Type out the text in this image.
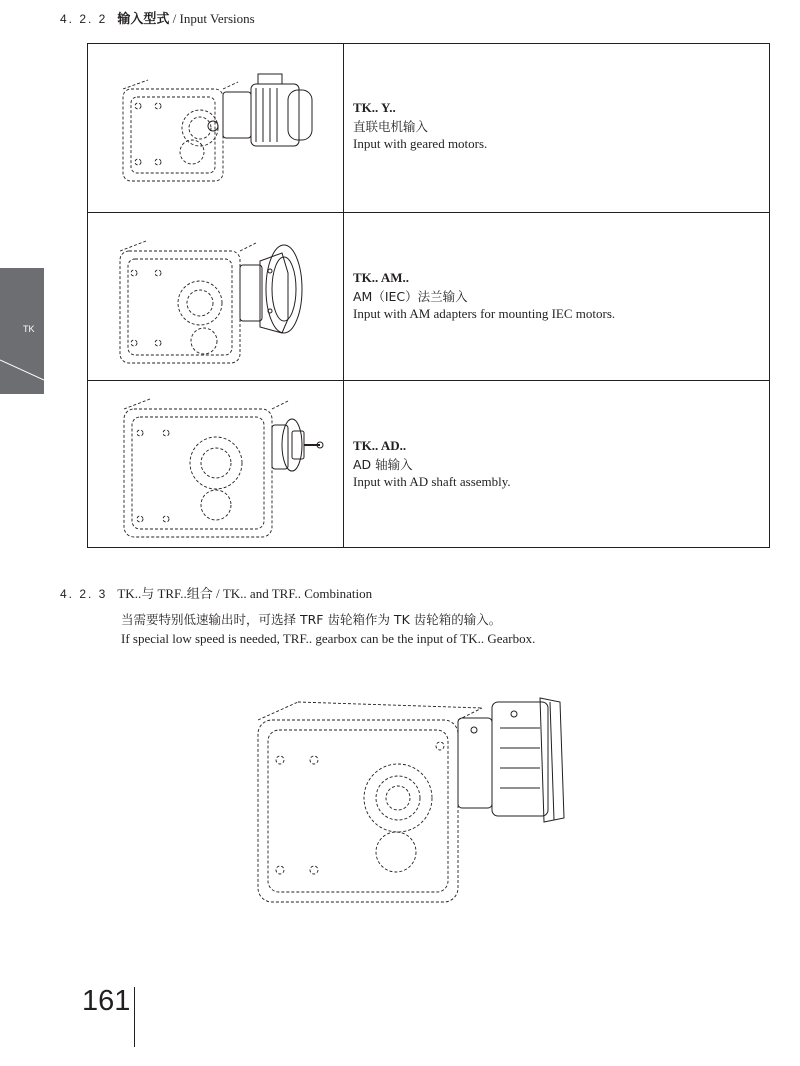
4. 2. 2 输入型式 / Input Versions
TK
TK.. Y..
直联电机输入
Input with geared motors.
TK.. AM..
AM（IEC）法兰输入
Input with AM adapters for mounting IEC motors.
TK.. AD..
AD 轴输入
Input with AD shaft assembly.
4. 2. 3 TK..与 TRF..组合 / TK.. and TRF.. Combination
当需要特别低速输出时，可选择 TRF 齿轮箱作为 TK 齿轮箱的输入。
If special low speed is needed, TRF.. gearbox can be the input of TK.. Gearbox.
161
